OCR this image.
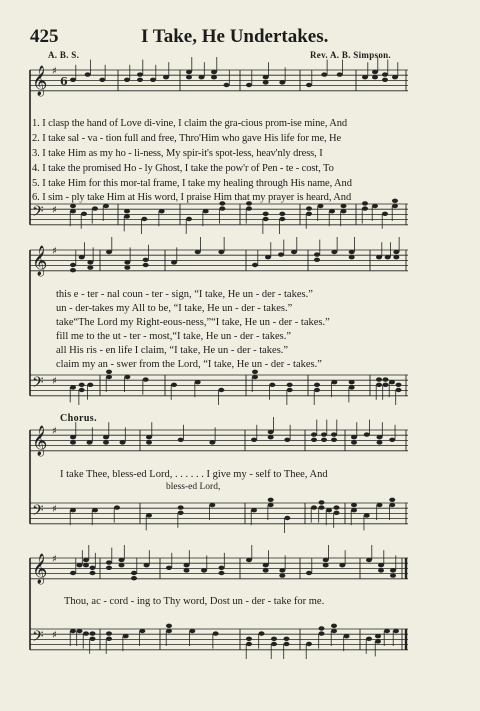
425	I Take, He Undertakes.
A. B. S.	Rev. A. B. Simpson.
𝄞
𝄢
♯
♯
6
𝄞
𝄢
♯
♯
𝄞
𝄢
♯
♯
𝄞
𝄢
♯
♯
1. I clasp the hand of Love di-vine, I claim the gra-cious prom-ise mine, And
2. I take sal - va - tion full and free, Thro'Him who gave His life for me, He
3. I take Him as my ho - li-ness, My spir-it's spot-less, heav'nly dress, I
4. I take the promised Ho - ly Ghost, I take the pow'r of Pen - te - cost, To
5. I take Him for this mor-tal frame, I take my healing through His name, And
6. I sim - ply take Him at His word, I praise Him that my prayer is heard, And
this e - ter - nal coun - ter - sign, “I take, He un - der - takes.”
un - der-takes my All to be, “I take, He un - der - takes.”
take“The Lord my Right-eous-ness,”“I take, He un - der - takes.”
fill me to the ut - ter - most,“I take, He un - der - takes.”
all His ris - en life I claim, “I take, He un - der - takes.”
claim my an - swer from the Lord, “I take, He un - der - takes.”
Chorus.
I take Thee, bless-ed Lord, . . . . . . I give my - self to Thee, And
bless-ed Lord,
Thou, ac - cord - ing to Thy word, Dost un - der - take for me.
